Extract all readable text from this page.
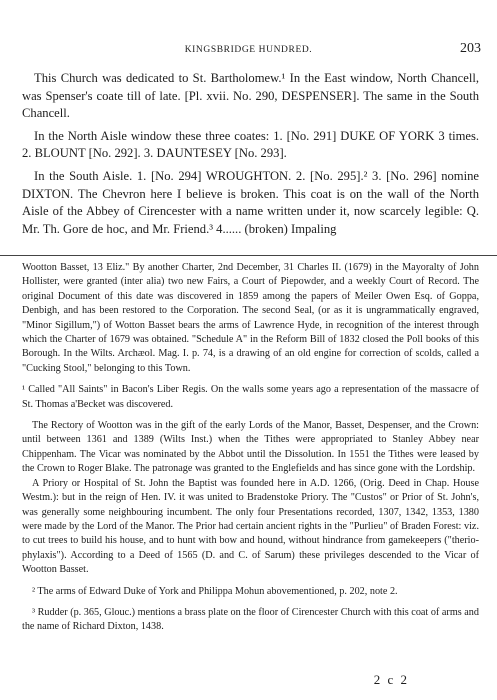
KINGSBRIDGE HUNDRED.	203

This Church was dedicated to St. Bartholomew.¹ In the East window, North Chancell, was Spenser's coate till of late. [Pl. xvii. No. 290, DESPENSER]. The same in the South Chancell.

In the North Aisle window these three coates: 1. [No. 291] DUKE OF YORK 3 times. 2. BLOUNT [No. 292]. 3. DAUNTESEY [No. 293].

In the South Aisle. 1. [No. 294] WROUGHTON. 2. [No. 295].² 3. [No. 296] nomine DIXTON. The Chevron here I believe is broken. This coat is on the wall of the North Aisle of the Abbey of Cirencester with a name written under it, now scarcely legible: Q. Mr. Th. Gore de hoc, and Mr. Friend.³ 4...... (broken) Impaling

Wootton Basset, 13 Eliz." By another Charter, 2nd December, 31 Charles II. (1679) in the Mayoralty of John Hollister, were granted (inter alia) two new Fairs, a Court of Piepowder, and a weekly Court of Record. The original Document of this date was discovered in 1859 among the papers of Meiler Owen Esq. of Goppa, Denbigh, and has been restored to the Corporation. The second Seal, (or as it is ungrammatically engraved, "Minor Sigillum,") of Wotton Basset bears the arms of Lawrence Hyde, in recognition of the interest through which the Charter of 1679 was obtained. "Schedule A" in the Reform Bill of 1832 closed the Poll books of this Borough. In the Wilts. Archæol. Mag. I. p. 74, is a drawing of an old engine for correction of scolds, called a "Cucking Stool," belonging to this Town.

¹ Called "All Saints" in Bacon's Liber Regis. On the walls some years ago a representation of the massacre of St. Thomas a'Becket was discovered.

The Rectory of Wootton was in the gift of the early Lords of the Manor, Basset, Despenser, and the Crown: until between 1361 and 1389 (Wilts Inst.) when the Tithes were appropriated to Stanley Abbey near Chippenham. The Vicar was nominated by the Abbot until the Dissolution. In 1551 the Tithes were leased by the Crown to Roger Blake. The patronage was granted to the Englefields and has since gone with the Lordship.

A Priory or Hospital of St. John the Baptist was founded here in A.D. 1266, (Orig. Deed in Chap. House Westm.): but in the reign of Hen. IV. it was united to Bradenstoke Priory. The "Custos" or Prior of St. John's, was generally some neighbouring incumbent. The only four Presentations recorded, 1307, 1342, 1353, 1380 were made by the Lord of the Manor. The Prior had certain ancient rights in the "Purlieu" of Braden Forest: viz. to cut trees to build his house, and to hunt with bow and hound, without hindrance from gamekeepers ("therio-phylaxis"). According to a Deed of 1565 (D. and C. of Sarum) these privileges descended to the Vicar of Wootton Basset.

² The arms of Edward Duke of York and Philippa Mohun abovementioned, p. 202, note 2.

³ Rudder (p. 365, Glouc.) mentions a brass plate on the floor of Cirencester Church with this coat of arms and the name of Richard Dixton, 1438.

2 c 2
